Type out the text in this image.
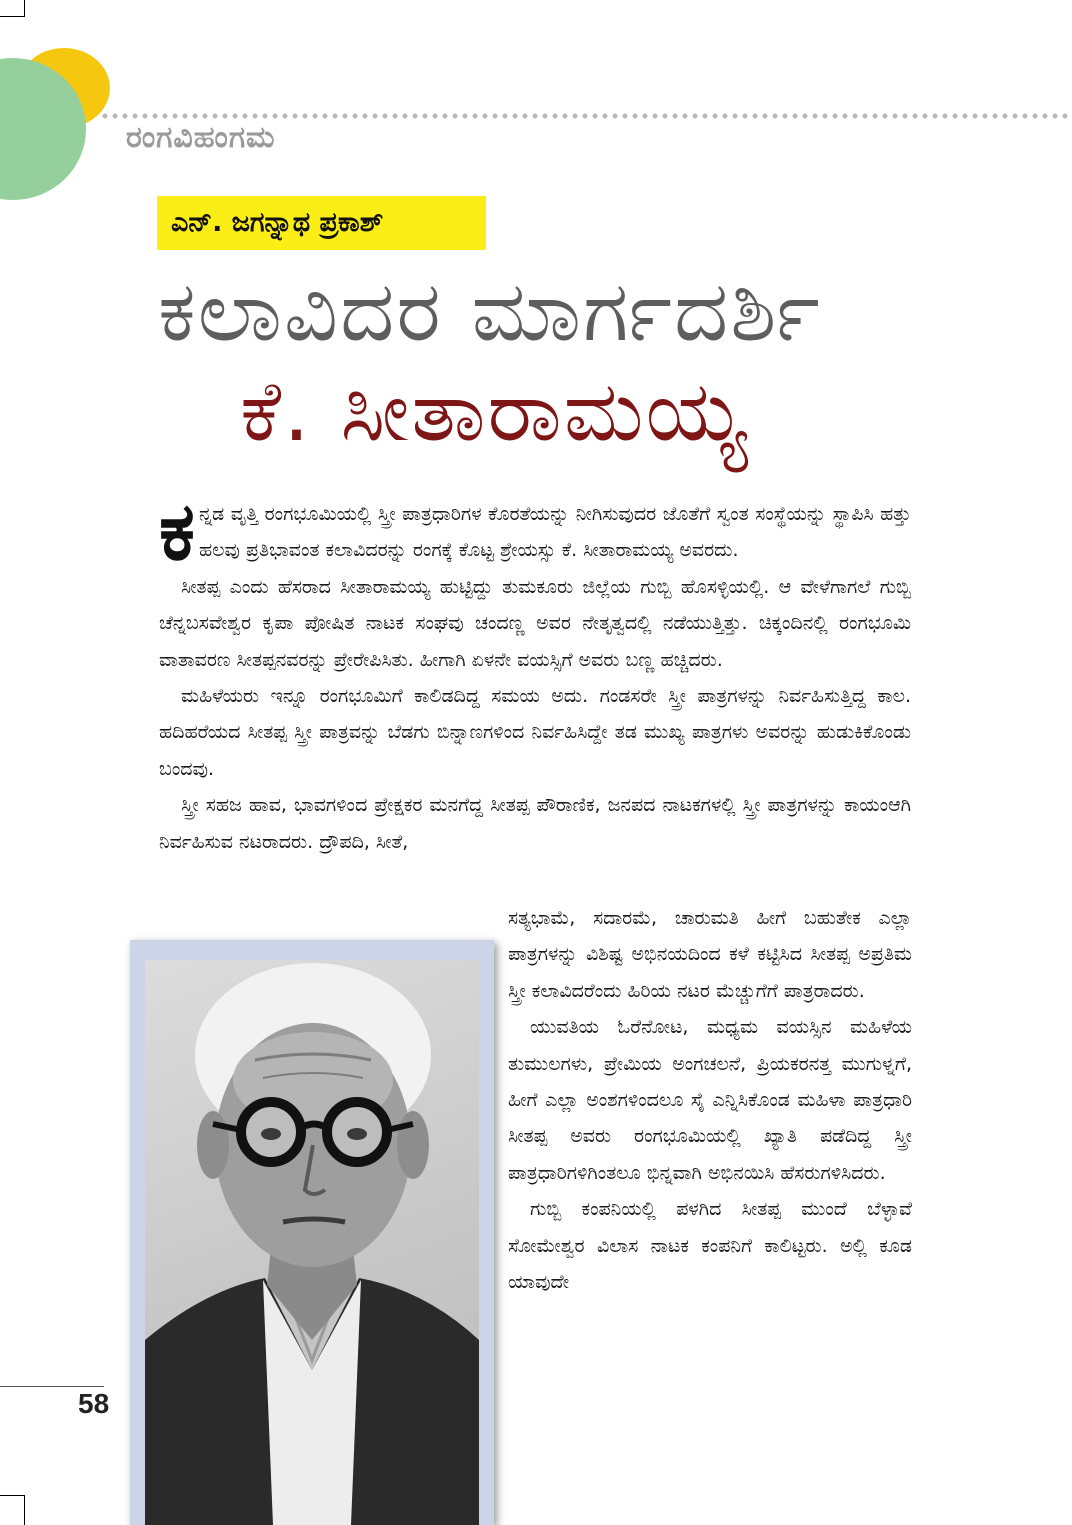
ರಂಗವಿಹಂಗಮ
ಎನ್‌. ಜಗನ್ನಾಥ ಪ್ರಕಾಶ್‌
ಕಲಾವಿದರ ಮಾರ್ಗದರ್ಶಿ
ಕೆ. ಸೀತಾರಾಮಯ್ಯ

ಕನ್ನಡ ವೃತ್ತಿ ರಂಗಭೂಮಿಯಲ್ಲಿ ಸ್ತ್ರೀ ಪಾತ್ರಧಾರಿಗಳ ಕೊರತೆಯನ್ನು ನೀಗಿಸುವುದರ ಜೊತೆಗೆ ಸ್ವಂತ ಸಂಸ್ಥೆಯನ್ನು ಸ್ಥಾಪಿಸಿ ಹತ್ತು ಹಲವು ಪ್ರತಿಭಾವಂತ ಕಲಾವಿದರನ್ನು ರಂಗಕ್ಕೆ ಕೊಟ್ಟ ಶ್ರೇಯಸ್ಸು ಕೆ. ಸೀತಾರಾಮಯ್ಯ ಅವರದು.

ಸೀತಪ್ಪ ಎಂದು ಹೆಸರಾದ ಸೀತಾರಾಮಯ್ಯ ಹುಟ್ಟಿದ್ದು ತುಮಕೂರು ಜಿಲ್ಲೆಯ ಗುಬ್ಬಿ ಹೊಸಳ್ಳಿಯಲ್ಲಿ. ಆ ವೇಳೆಗಾಗಲೆ ಗುಬ್ಬಿ ಚೆನ್ನಬಸವೇಶ್ವರ ಕೃಪಾ ಪೋಷಿತ ನಾಟಕ ಸಂಘವು ಚಂದಣ್ಣ ಅವರ ನೇತೃತ್ವದಲ್ಲಿ ನಡೆಯುತ್ತಿತ್ತು. ಚಿಕ್ಕಂದಿನಲ್ಲಿ ರಂಗಭೂಮಿ ವಾತಾವರಣ ಸೀತಪ್ಪನವರನ್ನು ಪ್ರೇರೇಪಿಸಿತು. ಹೀಗಾಗಿ ಏಳನೇ ವಯಸ್ಸಿಗೆ ಅವರು ಬಣ್ಣ ಹಚ್ಚಿದರು.

ಮಹಿಳೆಯರು ಇನ್ನೂ ರಂಗಭೂಮಿಗೆ ಕಾಲಿಡದಿದ್ದ ಸಮಯ ಅದು. ಗಂಡಸರೇ ಸ್ತ್ರೀ ಪಾತ್ರಗಳನ್ನು ನಿರ್ವಹಿಸುತ್ತಿದ್ದ ಕಾಲ. ಹದಿಹರೆಯದ ಸೀತಪ್ಪ ಸ್ತ್ರೀ ಪಾತ್ರವನ್ನು ಬೆಡಗು ಬಿನ್ನಾಣಗಳಿಂದ ನಿರ್ವಹಿಸಿದ್ದೇ ತಡ ಮುಖ್ಯ ಪಾತ್ರಗಳು ಅವರನ್ನು ಹುಡುಕಿಕೊಂಡು ಬಂದವು.

ಸ್ತ್ರೀ ಸಹಜ ಹಾವ, ಭಾವಗಳಿಂದ ಪ್ರೇಕ್ಷಕರ ಮನಗೆದ್ದ ಸೀತಪ್ಪ ಪೌರಾಣಿಕ, ಜನಪದ ನಾಟಕಗಳಲ್ಲಿ ಸ್ತ್ರೀ ಪಾತ್ರಗಳನ್ನು ಕಾಯಂಆಗಿ ನಿರ್ವಹಿಸುವ ನಟರಾದರು. ದ್ರೌಪದಿ, ಸೀತೆ,

ಸತ್ಯಭಾಮೆ, ಸದಾರಮೆ, ಚಾರುಮತಿ ಹೀಗೆ ಬಹುತೇಕ ಎಲ್ಲಾ ಪಾತ್ರಗಳನ್ನು ವಿಶಿಷ್ಟ ಅಭಿನಯದಿಂದ ಕಳೆ ಕಟ್ಟಿಸಿದ ಸೀತಪ್ಪ ಅಪ್ರತಿಮ ಸ್ತ್ರೀ ಕಲಾವಿದರೆಂದು ಹಿರಿಯ ನಟರ ಮೆಚ್ಚುಗೆಗೆ ಪಾತ್ರರಾದರು.

ಯುವತಿಯ ಓರೆನೋಟ, ಮಧ್ಯಮ ವಯಸ್ಸಿನ ಮಹಿಳೆಯ ತುಮುಲಗಳು, ಪ್ರೇಮಿಯ ಅಂಗಚಲನೆ, ಪ್ರಿಯಕರನತ್ತ ಮುಗುಳ್ನಗೆ, ಹೀಗೆ ಎಲ್ಲಾ ಅಂಶಗಳಿಂದಲೂ ಸೈ ಎನ್ನಿಸಿಕೊಂಡ ಮಹಿಳಾ ಪಾತ್ರಧಾರಿ ಸೀತಪ್ಪ ಅವರು ರಂಗಭೂಮಿಯಲ್ಲಿ ಖ್ಯಾತಿ ಪಡೆದಿದ್ದ ಸ್ತ್ರೀ ಪಾತ್ರಧಾರಿಗಳಿಗಿಂತಲೂ ಭಿನ್ನವಾಗಿ ಅಭಿನಯಿಸಿ ಹೆಸರುಗಳಿಸಿದರು.

ಗುಬ್ಬಿ ಕಂಪನಿಯಲ್ಲಿ ಪಳಗಿದ ಸೀತಪ್ಪ ಮುಂದೆ ಬೆಳ್ಳಾವೆ ಸೋಮೇಶ್ವರ ವಿಲಾಸ ನಾಟಕ ಕಂಪನಿಗೆ ಕಾಲಿಟ್ಟರು. ಅಲ್ಲಿ ಕೂಡ ಯಾವುದೇ

58
